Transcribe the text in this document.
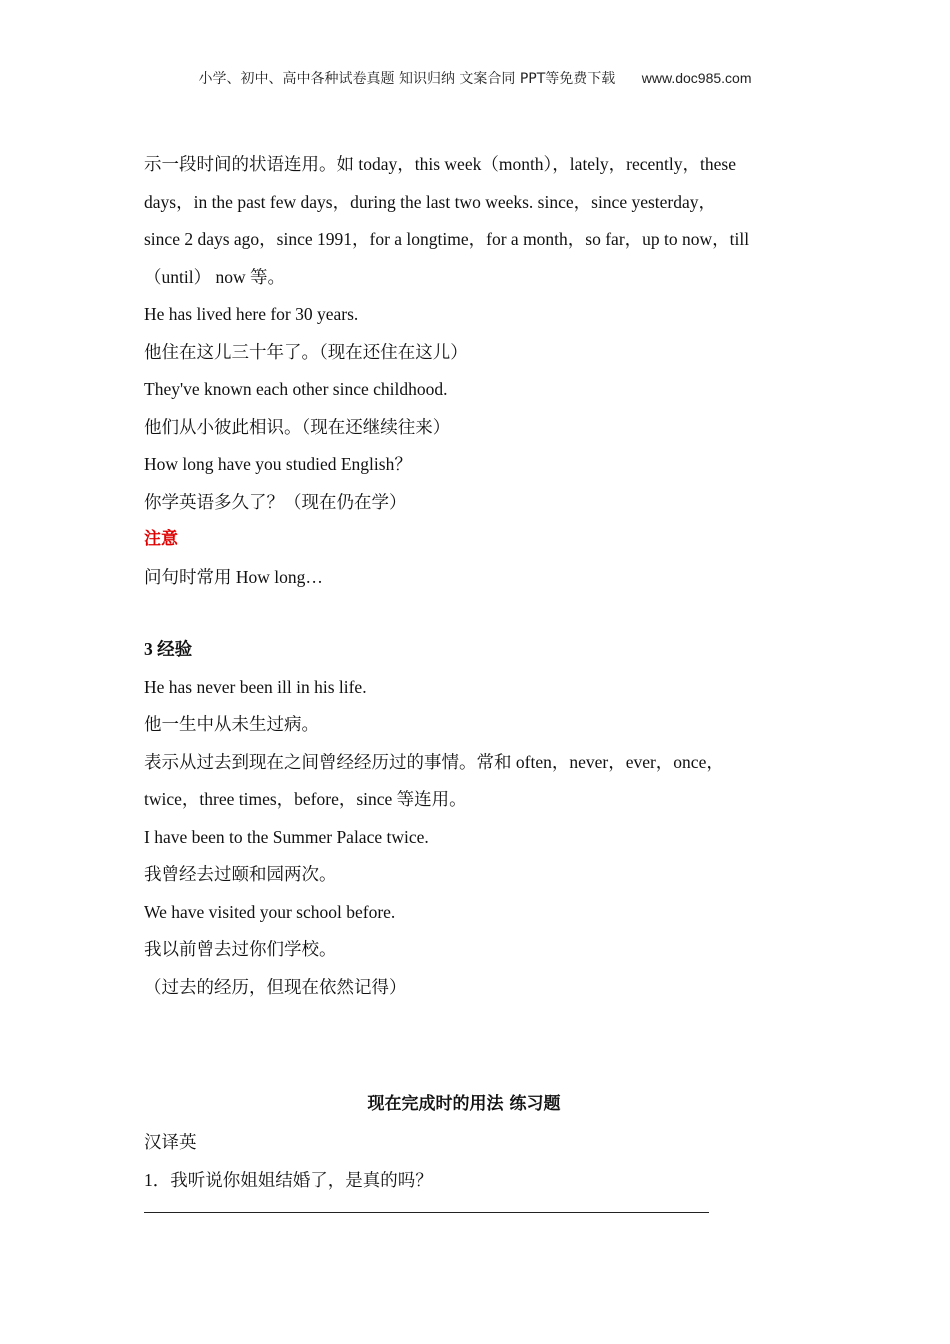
小学、初中、高中各种试卷真题 知识归纳 文案合同 PPT等免费下载 www.doc985.com
示一段时间的状语连用。如 today，this week（month），lately，recently，these
days，in the past few days，during the last two weeks. since，since yesterday，
since 2 days ago，since 1991，for a longtime，for a month，so far，up to now，till
（until） now 等。
He has lived here for 30 years.
他住在这儿三十年了。（现在还住在这儿）
They've known each other since childhood.
他们从小彼此相识。（现在还继续往来）
How long have you studied English？
你学英语多久了？（现在仍在学）
注意
问句时常用 How long…
3 经验
He has never been ill in his life.
他一生中从未生过病。
表示从过去到现在之间曾经经历过的事情。常和 often，never，ever，once，
twice，three times，before，since 等连用。
I have been to the Summer Palace twice.
我曾经去过颐和园两次。
We have visited your school before.
我以前曾去过你们学校。
（过去的经历，但现在依然记得）
现在完成时的用法 练习题
汉译英
1．我听说你姐姐结婚了，是真的吗？
